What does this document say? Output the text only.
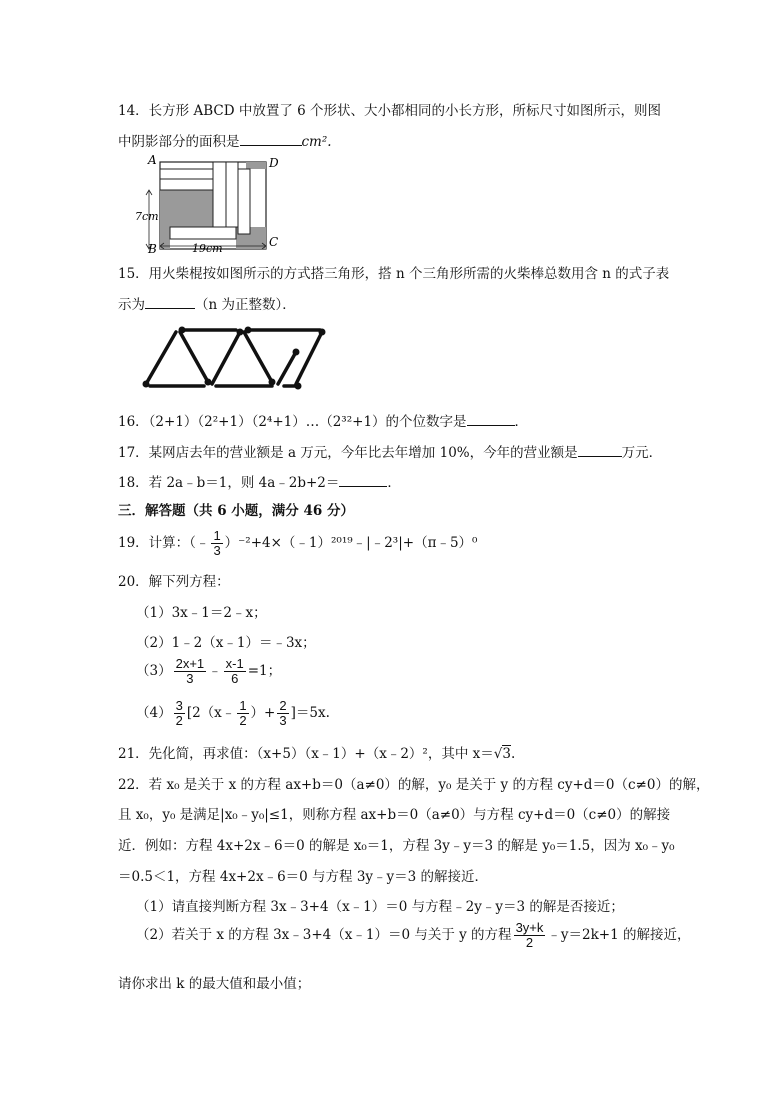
14．长方形 ABCD 中放置了 6 个形状、大小都相同的小长方形，所标尺寸如图所示，则图
中阴影部分的面积是	cm².
A	D
B	C
7cm
19cm
15．用火柴棍按如图所示的方式搭三角形，搭 n 个三角形所需的火柴棒总数用含 n 的式子表
示为	（n 为正整数）．
16．（2+1）（2²+1）（2⁴+1）…（2³²+1）的个位数字是	．
17．某网店去年的营业额是 a 万元，今年比去年增加 10%，今年的营业额是	万元．
18．若 2a﹣b＝1，则 4a﹣2b+2＝	．
三．解答题（共 6 小题，满分 46 分）
19．计算：（﹣ $\frac{1}{3}$ ）⁻²+4×（﹣1）²⁰¹⁹﹣|﹣2³|+（π﹣5）⁰
20．解下列方程：
（1）3x﹣1＝2﹣x；
（2）1﹣2（x﹣1）＝﹣3x；
$(3) \frac{2x+1}{3}$ ﹣ $\frac{x-1}{6} =1$；
$(4) \frac{3}{2}$ [2（x﹣ $\frac{1}{2}$ ）+ $\frac{2}{3} ]=5x$.
21．先化简，再求值：（x+5）（x﹣1）+（x﹣2）²，其中 x＝√3.
22．若 x₀ 是关于 x 的方程 ax+b＝0（a≠0）的解，y₀ 是关于 y 的方程 cy+d＝0（c≠0）的解，
且 x₀，y₀ 是满足|x₀﹣y₀|≤1，则称方程 ax+b＝0（a≠0）与方程 cy+d＝0（c≠0）的解接
近．例如：方程 4x+2x﹣6＝0 的解是 x₀＝1，方程 3y﹣y＝3 的解是 y₀＝1.5，因为 x₀﹣y₀
＝0.5＜1，方程 4x+2x﹣6＝0 与方程 3y﹣y＝3 的解接近．
（1）请直接判断方程 3x﹣3+4（x﹣1）＝0 与方程﹣2y﹣y＝3 的解是否接近；
（2）若关于 x 的方程 3x﹣3+4（x﹣1）＝0 与关于 y 的方程 $\frac{3y+k}{2}$ ﹣y＝2k+1 的解接近，
请你求出 k 的最大值和最小值；
